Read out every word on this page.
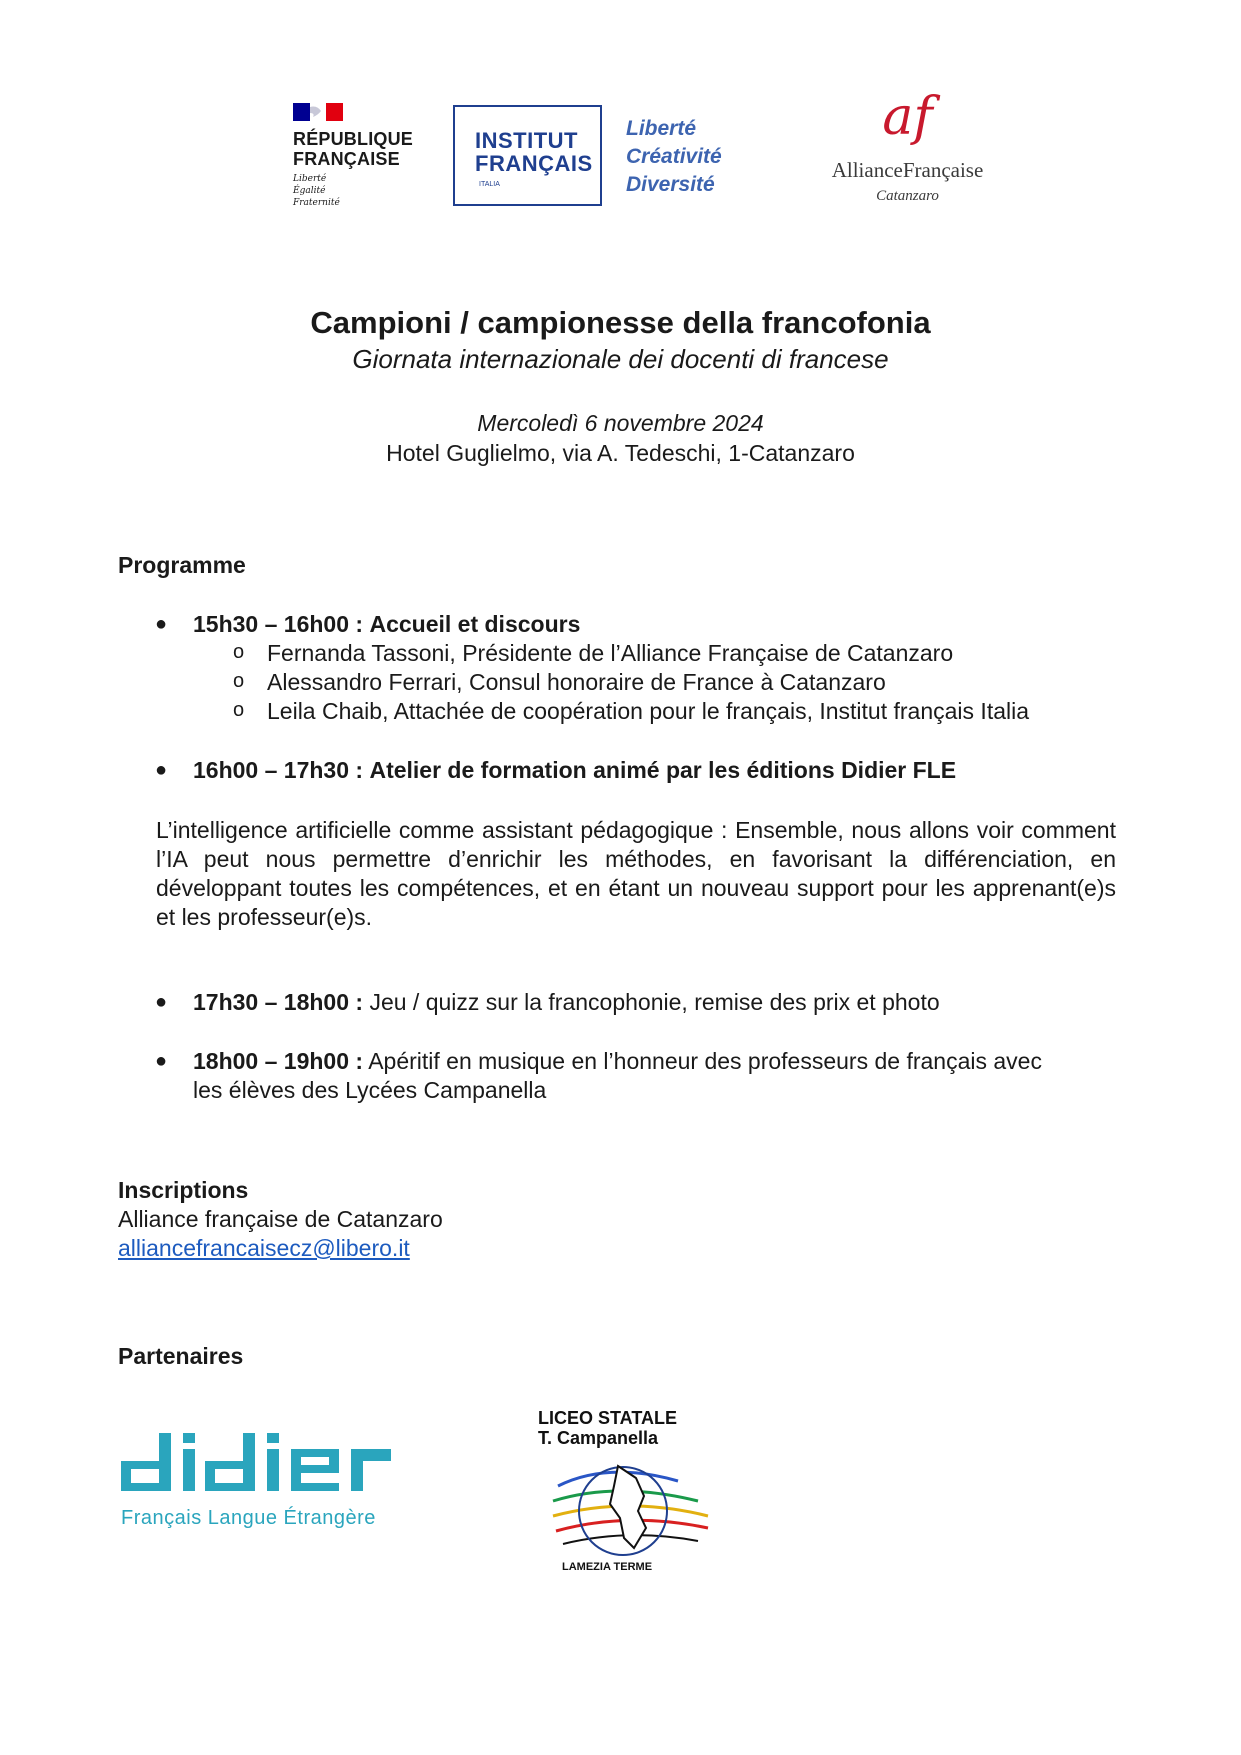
RÉPUBLIQUE
FRANÇAISE
Liberté
Égalité
Fraternité
INSTITUT
FRANÇAIS
ITALIA
Liberté
Créativité
Diversité
af
AllianceFrançaise
Catanzaro
Campioni / campionesse della francofonia
Giornata internazionale dei docenti di francese
Mercoledì 6 novembre 2024
Hotel Guglielmo, via A. Tedeschi, 1-Catanzaro
Programme
● 15h30 – 16h00 : Accueil et discours
o Fernanda Tassoni, Présidente de l’Alliance Française de Catanzaro
o Alessandro Ferrari, Consul honoraire de France à Catanzaro
o Leila Chaib, Attachée de coopération pour le français, Institut français Italia
● 16h00 – 17h30 : Atelier de formation animé par les éditions Didier FLE
L’intelligence artificielle comme assistant pédagogique : Ensemble, nous allons voir comment l’IA peut nous permettre d’enrichir les méthodes, en favorisant la différenciation, en développant toutes les compétences, et en étant un nouveau support pour les apprenant(e)s et les professeur(e)s.
● 17h30 – 18h00 : Jeu / quizz sur la francophonie, remise des prix et photo
● 18h00 – 19h00 : Apéritif en musique en l’honneur des professeurs de français avec
les élèves des Lycées Campanella
Inscriptions
Alliance française de Catanzaro
alliancefrancaisecz@libero.it
Partenaires
Français Langue Étrangère
LICEO STATALE
T. Campanella
LAMEZIA TERME
